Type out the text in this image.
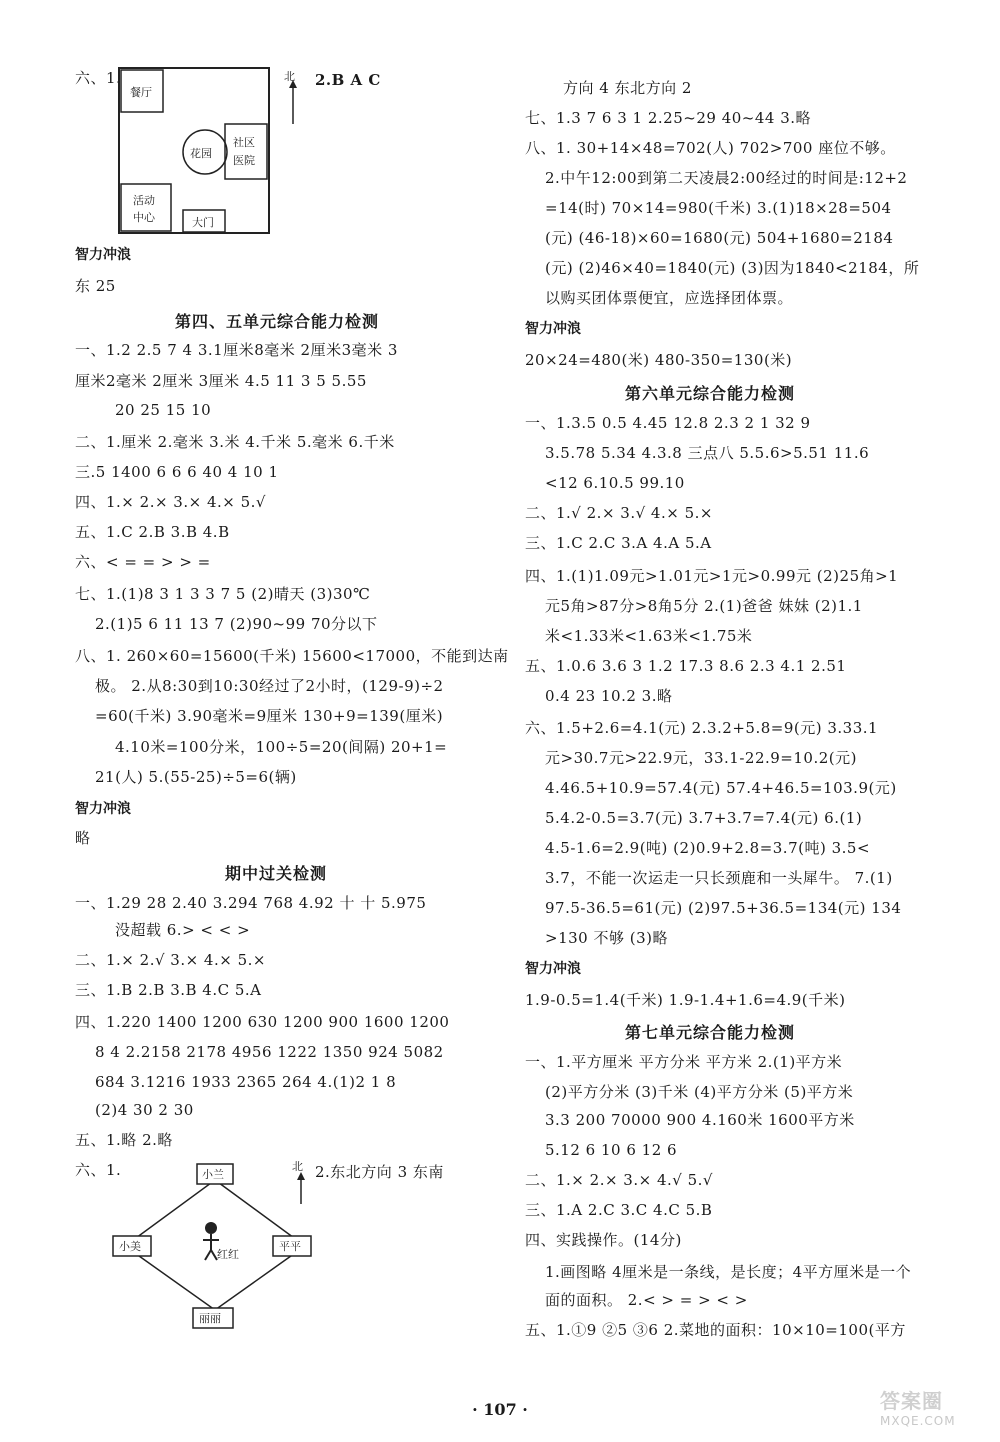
六、1.
餐厅
花园
社区
医院
活动
中心	大门
北 2.B A C
智力冲浪
东 25
第四、五单元综合能力检测
一、1.2 2.5 7 4 3.1厘米8毫米 2厘米3毫米 3
厘米2毫米 2厘米 3厘米 4.5 11 3 5 5.55
20 25 15 10
二、1.厘米 2.毫米 3.米 4.千米 5.毫米 6.千米
三.5 1400 6 6 6 40 4 10 1
四、1.× 2.× 3.× 4.× 5.√
五、1.C 2.B 3.B 4.B
六、< = = > > =
七、1.(1)8 3 1 3 3 7 5 (2)晴天 (3)30℃
2.(1)5 6 11 13 7 (2)90~99 70分以下
八、1. 260×60=15600(千米) 15600<17000，不能到达南
极。 2.从8:30到10:30经过了2小时，(129-9)÷2
=60(千米) 3.90毫米=9厘米 130+9=139(厘米)
4.10米=100分米，100÷5=20(间隔) 20+1=
21(人) 5.(55-25)÷5=6(辆)
智力冲浪
略
期中过关检测
一、1.29 28 2.40 3.294 768 4.92 十 十 5.975
没超载 6.> < < >
二、1.× 2.√ 3.× 4.× 5.×
三、1.B 2.B 3.B 4.C 5.A
四、1.220 1400 1200 630 1200 900 1600 1200
8 4 2.2158 2178 4956 1222 1350 924 5082
684 3.1216 1933 2365 264 4.(1)2 1 8
(2)4 30 2 30
五、1.略 2.略
六、1.	小兰
小美	平平
丽丽
红红
北 2.东北方向 3 东南
方向 4 东北方向 2
七、1.3 7 6 3 1 2.25~29 40~44 3.略
八、1. 30+14×48=702(人) 702>700 座位不够。
2.中午12:00到第二天凌晨2:00经过的时间是:12+2
=14(时) 70×14=980(千米) 3.(1)18×28=504
(元) (46-18)×60=1680(元) 504+1680=2184
(元) (2)46×40=1840(元) (3)因为1840<2184，所
以购买团体票便宜，应选择团体票。
智力冲浪
20×24=480(米) 480-350=130(米)
第六单元综合能力检测
一、1.3.5 0.5 4.45 12.8 2.3 2 1 32 9
3.5.78 5.34 4.3.8 三点八 5.5.6>5.51 11.6
<12 6.10.5 99.10
二、1.√ 2.× 3.√ 4.× 5.×
三、1.C 2.C 3.A 4.A 5.A
四、1.(1)1.09元>1.01元>1元>0.99元 (2)25角>1
元5角>87分>8角5分 2.(1)爸爸 妹妹 (2)1.1
米<1.33米<1.63米<1.75米
五、1.0.6 3.6 3 1.2 17.3 8.6 2.3 4.1 2.51
0.4 23 10.2 3.略
六、1.5+2.6=4.1(元) 2.3.2+5.8=9(元) 3.33.1
元>30.7元>22.9元，33.1-22.9=10.2(元)
4.46.5+10.9=57.4(元) 57.4+46.5=103.9(元)
5.4.2-0.5=3.7(元) 3.7+3.7=7.4(元) 6.(1)
4.5-1.6=2.9(吨) (2)0.9+2.8=3.7(吨) 3.5<
3.7，不能一次运走一只长颈鹿和一头犀牛。 7.(1)
97.5-36.5=61(元) (2)97.5+36.5=134(元) 134
>130 不够 (3)略
智力冲浪
1.9-0.5=1.4(千米) 1.9-1.4+1.6=4.9(千米)
第七单元综合能力检测
一、1.平方厘米 平方分米 平方米 2.(1)平方米
(2)平方分米 (3)千米 (4)平方分米 (5)平方米
3.3 200 70000 900 4.160米 1600平方米
5.12 6 10 6 12 6
二、1.× 2.× 3.× 4.√ 5.√
三、1.A 2.C 3.C 4.C 5.B
四、实践操作。(14分)
1.画图略 4厘米是一条线，是长度；4平方厘米是一个
面的面积。 2.< > = > < >
五、1.①9 ②5 ③6 2.菜地的面积：10×10=100(平方
· 107 ·	答案圈
MXQE.COM
